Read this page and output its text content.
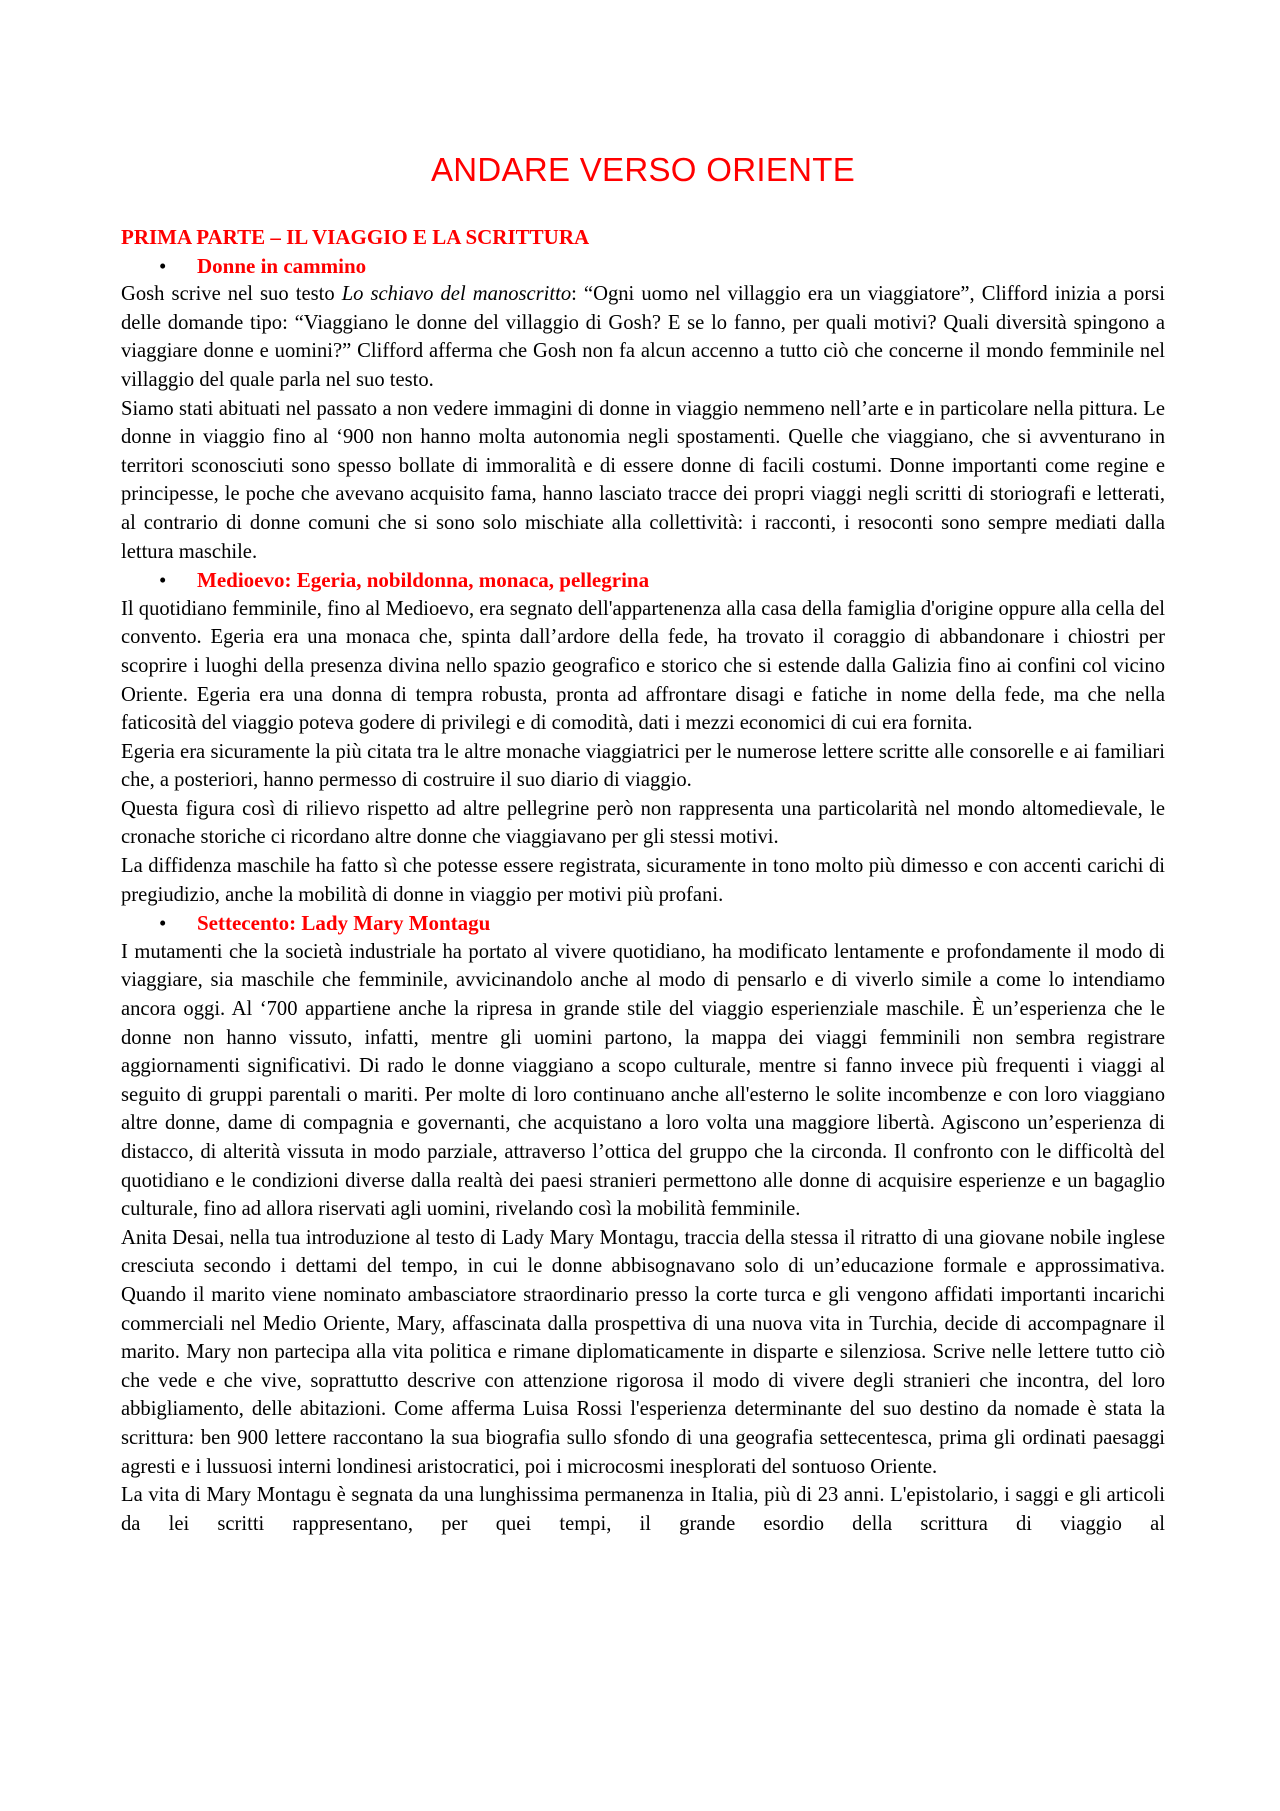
ANDARE VERSO ORIENTE

PRIMA PARTE – IL VIAGGIO E LA SCRITTURA

• Donne in cammino

Gosh scrive nel suo testo Lo schiavo del manoscritto: “Ogni uomo nel villaggio era un viaggiatore”, Clifford inizia a porsi delle domande tipo: “Viaggiano le donne del villaggio di Gosh? E se lo fanno, per quali motivi? Quali diversità spingono a viaggiare donne e uomini?” Clifford afferma che Gosh non fa alcun accenno a tutto ciò che concerne il mondo femminile nel villaggio del quale parla nel suo testo.

Siamo stati abituati nel passato a non vedere immagini di donne in viaggio nemmeno nell’arte e in particolare nella pittura. Le donne in viaggio fino al ‘900 non hanno molta autonomia negli spostamenti. Quelle che viaggiano, che si avventurano in territori sconosciuti sono spesso bollate di immoralità e di essere donne di facili costumi. Donne importanti come regine e principesse, le poche che avevano acquisito fama, hanno lasciato tracce dei propri viaggi negli scritti di storiografi e letterati, al contrario di donne comuni che si sono solo mischiate alla collettività: i racconti, i resoconti sono sempre mediati dalla lettura maschile.

• Medioevo: Egeria, nobildonna, monaca, pellegrina

Il quotidiano femminile, fino al Medioevo, era segnato dell'appartenenza alla casa della famiglia d'origine oppure alla cella del convento. Egeria era una monaca che, spinta dall’ardore della fede, ha trovato il coraggio di abbandonare i chiostri per scoprire i luoghi della presenza divina nello spazio geografico e storico che si estende dalla Galizia fino ai confini col vicino Oriente. Egeria era una donna di tempra robusta, pronta ad affrontare disagi e fatiche in nome della fede, ma che nella faticosità del viaggio poteva godere di privilegi e di comodità, dati i mezzi economici di cui era fornita.

Egeria era sicuramente la più citata tra le altre monache viaggiatrici per le numerose lettere scritte alle consorelle e ai familiari che, a posteriori, hanno permesso di costruire il suo diario di viaggio.

Questa figura così di rilievo rispetto ad altre pellegrine però non rappresenta una particolarità nel mondo altomedievale, le cronache storiche ci ricordano altre donne che viaggiavano per gli stessi motivi.

La diffidenza maschile ha fatto sì che potesse essere registrata, sicuramente in tono molto più dimesso e con accenti carichi di pregiudizio, anche la mobilità di donne in viaggio per motivi più profani.

• Settecento: Lady Mary Montagu

I mutamenti che la società industriale ha portato al vivere quotidiano, ha modificato lentamente e profondamente il modo di viaggiare, sia maschile che femminile, avvicinandolo anche al modo di pensarlo e di viverlo simile a come lo intendiamo ancora oggi. Al ‘700 appartiene anche la ripresa in grande stile del viaggio esperienziale maschile. È un’esperienza che le donne non hanno vissuto, infatti, mentre gli uomini partono, la mappa dei viaggi femminili non sembra registrare aggiornamenti significativi. Di rado le donne viaggiano a scopo culturale, mentre si fanno invece più frequenti i viaggi al seguito di gruppi parentali o mariti. Per molte di loro continuano anche all'esterno le solite incombenze e con loro viaggiano altre donne, dame di compagnia e governanti, che acquistano a loro volta una maggiore libertà. Agiscono un’esperienza di distacco, di alterità vissuta in modo parziale, attraverso l’ottica del gruppo che la circonda. Il confronto con le difficoltà del quotidiano e le condizioni diverse dalla realtà dei paesi stranieri permettono alle donne di acquisire esperienze e un bagaglio culturale, fino ad allora riservati agli uomini, rivelando così la mobilità femminile.

Anita Desai, nella tua introduzione al testo di Lady Mary Montagu, traccia della stessa il ritratto di una giovane nobile inglese cresciuta secondo i dettami del tempo, in cui le donne abbisognavano solo di un’educazione formale e approssimativa. Quando il marito viene nominato ambasciatore straordinario presso la corte turca e gli vengono affidati importanti incarichi commerciali nel Medio Oriente, Mary, affascinata dalla prospettiva di una nuova vita in Turchia, decide di accompagnare il marito. Mary non partecipa alla vita politica e rimane diplomaticamente in disparte e silenziosa. Scrive nelle lettere tutto ciò che vede e che vive, soprattutto descrive con attenzione rigorosa il modo di vivere degli stranieri che incontra, del loro abbigliamento, delle abitazioni. Come afferma Luisa Rossi l'esperienza determinante del suo destino da nomade è stata la scrittura: ben 900 lettere raccontano la sua biografia sullo sfondo di una geografia settecentesca, prima gli ordinati paesaggi agresti e i lussuosi interni londinesi aristocratici, poi i microcosmi inesplorati del sontuoso Oriente.

La vita di Mary Montagu è segnata da una lunghissima permanenza in Italia, più di 23 anni. L'epistolario, i saggi e gli articoli da lei scritti rappresentano, per quei tempi, il grande esordio della scrittura di viaggio al
